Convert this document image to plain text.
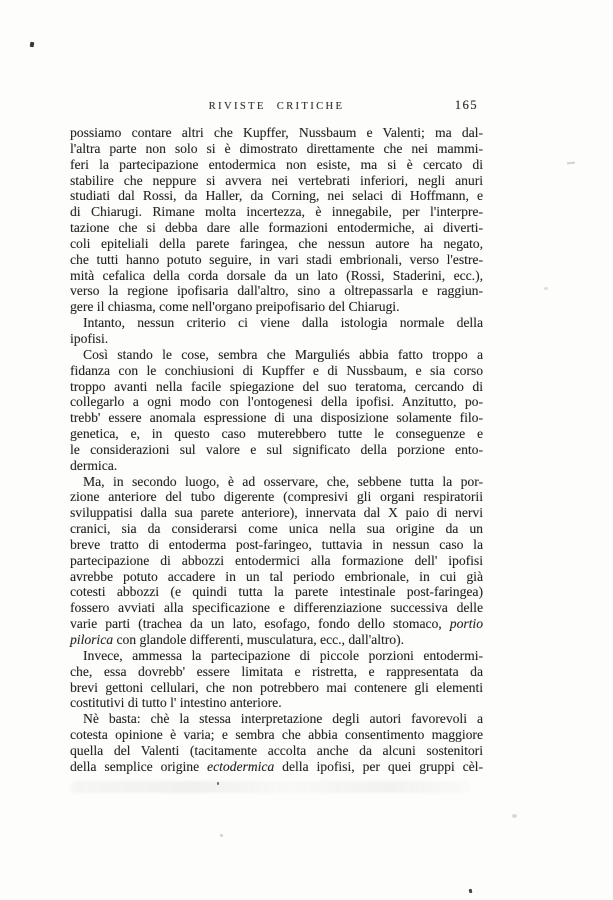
RIVISTE CRITICHE	165
possiamo contare altri che Kupffer, Nussbaum e Valenti; ma dal-
l'altra parte non solo si è dimostrato direttamente che nei mammi-
feri la partecipazione entodermica non esiste, ma si è cercato di
stabilire che neppure si avvera nei vertebrati inferiori, negli anuri
studiati dal Rossi, da Haller, da Corning, nei selaci di Hoffmann, e
di Chiarugi. Rimane molta incertezza, è innegabile, per l'interpre-
tazione che si debba dare alle formazioni entodermiche, ai diverti-
coli epiteliali della parete faringea, che nessun autore ha negato,
che tutti hanno potuto seguire, in vari stadi embrionali, verso l'estre-
mità cefalica della corda dorsale da un lato (Rossi, Staderini, ecc.),
verso la regione ipofisaria dall'altro, sino a oltrepassarla e raggiun-
gere il chiasma, come nell'organo preipofisario del Chiarugi.
Intanto, nessun criterio ci viene dalla istologia normale della
ipofisi.
Così stando le cose, sembra che Marguliés abbia fatto troppo a
fidanza con le conchiusioni di Kupffer e di Nussbaum, e sia corso
troppo avanti nella facile spiegazione del suo teratoma, cercando di
collegarlo a ogni modo con l'ontogenesi della ipofisi. Anzitutto, po-
trebb' essere anomala espressione di una disposizione solamente filo-
genetica, e, in questo caso muterebbero tutte le conseguenze e
le considerazioni sul valore e sul significato della porzione ento-
dermica.
Ma, in secondo luogo, è ad osservare, che, sebbene tutta la por-
zione anteriore del tubo digerente (compresivi gli organi respiratorii
sviluppatisi dalla sua parete anteriore), innervata dal X paio di nervi
cranici, sia da considerarsi come unica nella sua origine da un
breve tratto di entoderma post-faringeo, tuttavia in nessun caso la
partecipazione di abbozzi entodermici alla formazione dell' ipofisi
avrebbe potuto accadere in un tal periodo embrionale, in cui già
cotesti abbozzi (e quindi tutta la parete intestinale post-faringea)
fossero avviati alla specificazione e differenziazione successiva delle
varie parti (trachea da un lato, esofago, fondo dello stomaco, portio
pilorica con glandole differenti, musculatura, ecc., dall'altro).
Invece, ammessa la partecipazione di piccole porzioni entodermi-
che, essa dovrebb' essere limitata e ristretta, e rappresentata da
brevi gettoni cellulari, che non potrebbero mai contenere gli elementi
costitutivi di tutto l' intestino anteriore.
Nè basta: chè la stessa interpretazione degli autori favorevoli a
cotesta opinione è varia; e sembra che abbia consentimento maggiore
quella del Valenti (tacitamente accolta anche da alcuni sostenitori
della semplice origine ectodermica della ipofisi, per quei gruppi cèl-
